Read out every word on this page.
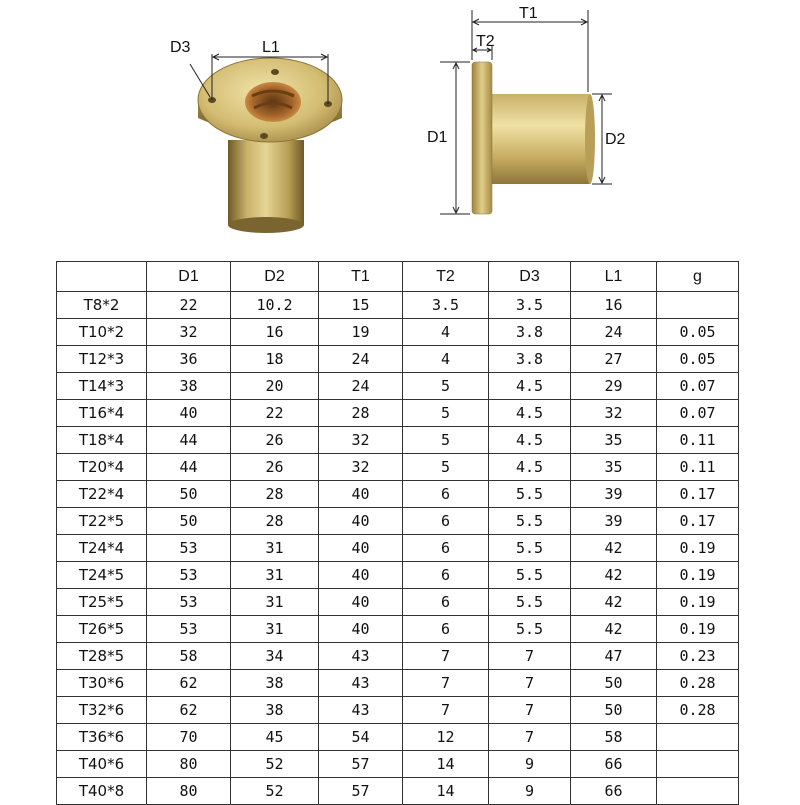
D3	L1
T1
T2
D1	D2
	D1	D2	T1	T2	D3	L1	g
T8*2	22	10.2	15	3.5	3.5	16	
T10*2	32	16	19	4	3.8	24	0.05
T12*3	36	18	24	4	3.8	27	0.05
T14*3	38	20	24	5	4.5	29	0.07
T16*4	40	22	28	5	4.5	32	0.07
T18*4	44	26	32	5	4.5	35	0.11
T20*4	44	26	32	5	4.5	35	0.11
T22*4	50	28	40	6	5.5	39	0.17
T22*5	50	28	40	6	5.5	39	0.17
T24*4	53	31	40	6	5.5	42	0.19
T24*5	53	31	40	6	5.5	42	0.19
T25*5	53	31	40	6	5.5	42	0.19
T26*5	53	31	40	6	5.5	42	0.19
T28*5	58	34	43	7	7	47	0.23
T30*6	62	38	43	7	7	50	0.28
T32*6	62	38	43	7	7	50	0.28
T36*6	70	45	54	12	7	58	
T40*6	80	52	57	14	9	66	
T40*8	80	52	57	14	9	66	
